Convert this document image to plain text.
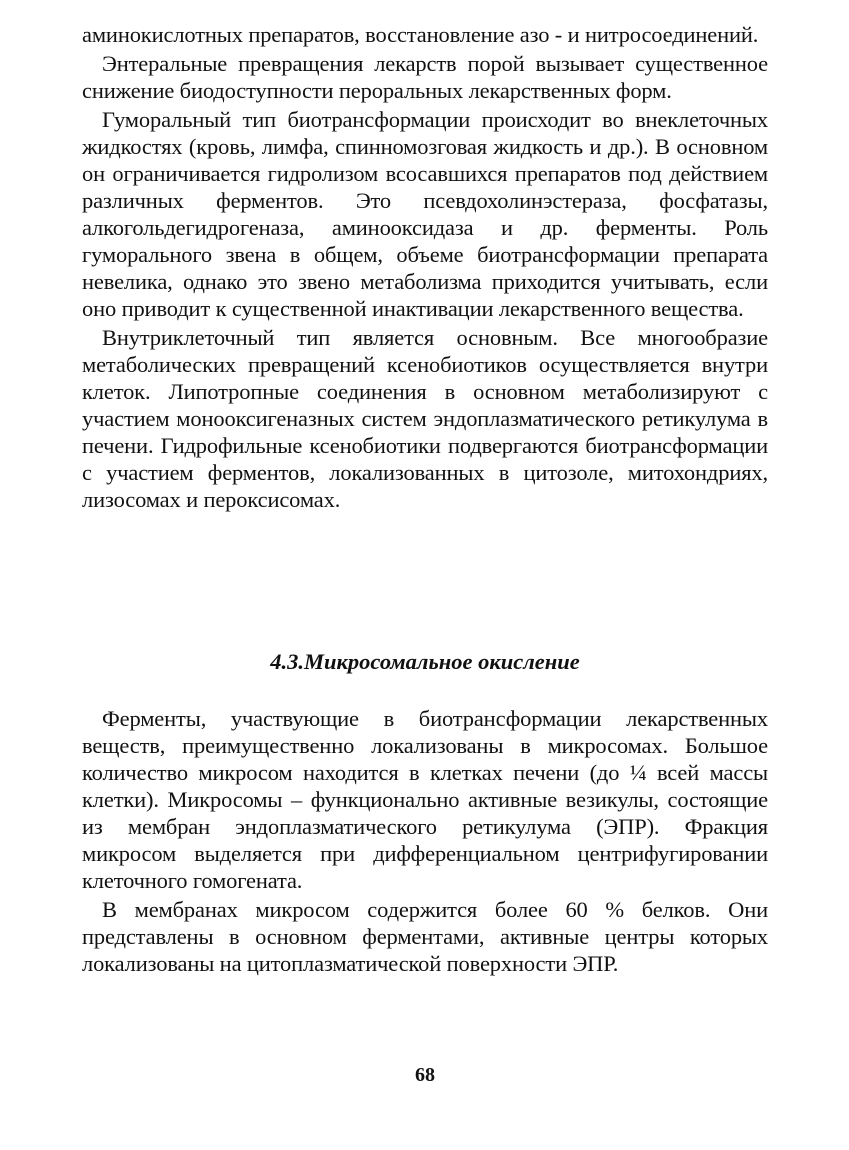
аминокислотных препаратов, восстановление азо - и нитросоединений.

Энтеральные превращения лекарств порой вызывает существенное снижение биодоступности пероральных лекарственных форм.

Гуморальный тип биотрансформации происходит во внеклеточных жидкостях (кровь, лимфа, спинномозговая жидкость и др.). В основном он ограничивается гидролизом всосавшихся препаратов под действием различных ферментов. Это псевдохолинэстераза, фосфатазы, алкогольдегидрогеназа, аминооксидаза и др. ферменты. Роль гуморального звена в общем, объеме биотрансформации препарата невелика, однако это звено метаболизма приходится учитывать, если оно приводит к существенной инактивации лекарственного вещества.

Внутриклеточный тип является основным. Все многообразие метаболических превращений ксенобиотиков осуществляется внутри клеток. Липотропные соединения в основном метаболизируют с участием монооксигеназных систем эндоплазматического ретикулума в печени. Гидрофильные ксенобиотики подвергаются биотрансформации с участием ферментов, локализованных в цитозоле, митохондриях, лизосомах и пероксисомах.

4.3.Микросомальное окисление

Ферменты, участвующие в биотрансформации лекарственных веществ, преимущественно локализованы в микросомах. Большое количество микросом находится в клетках печени (до ¼ всей массы клетки). Микросомы – функционально активные везикулы, состоящие из мембран эндоплазматического ретикулума (ЭПР). Фракция микросом выделяется при дифференциальном центрифугировании клеточного гомогената.

В мембранах микросом содержится более 60 % белков. Они представлены в основном ферментами, активные центры которых локализованы на цитоплазматической поверхности ЭПР.

68
